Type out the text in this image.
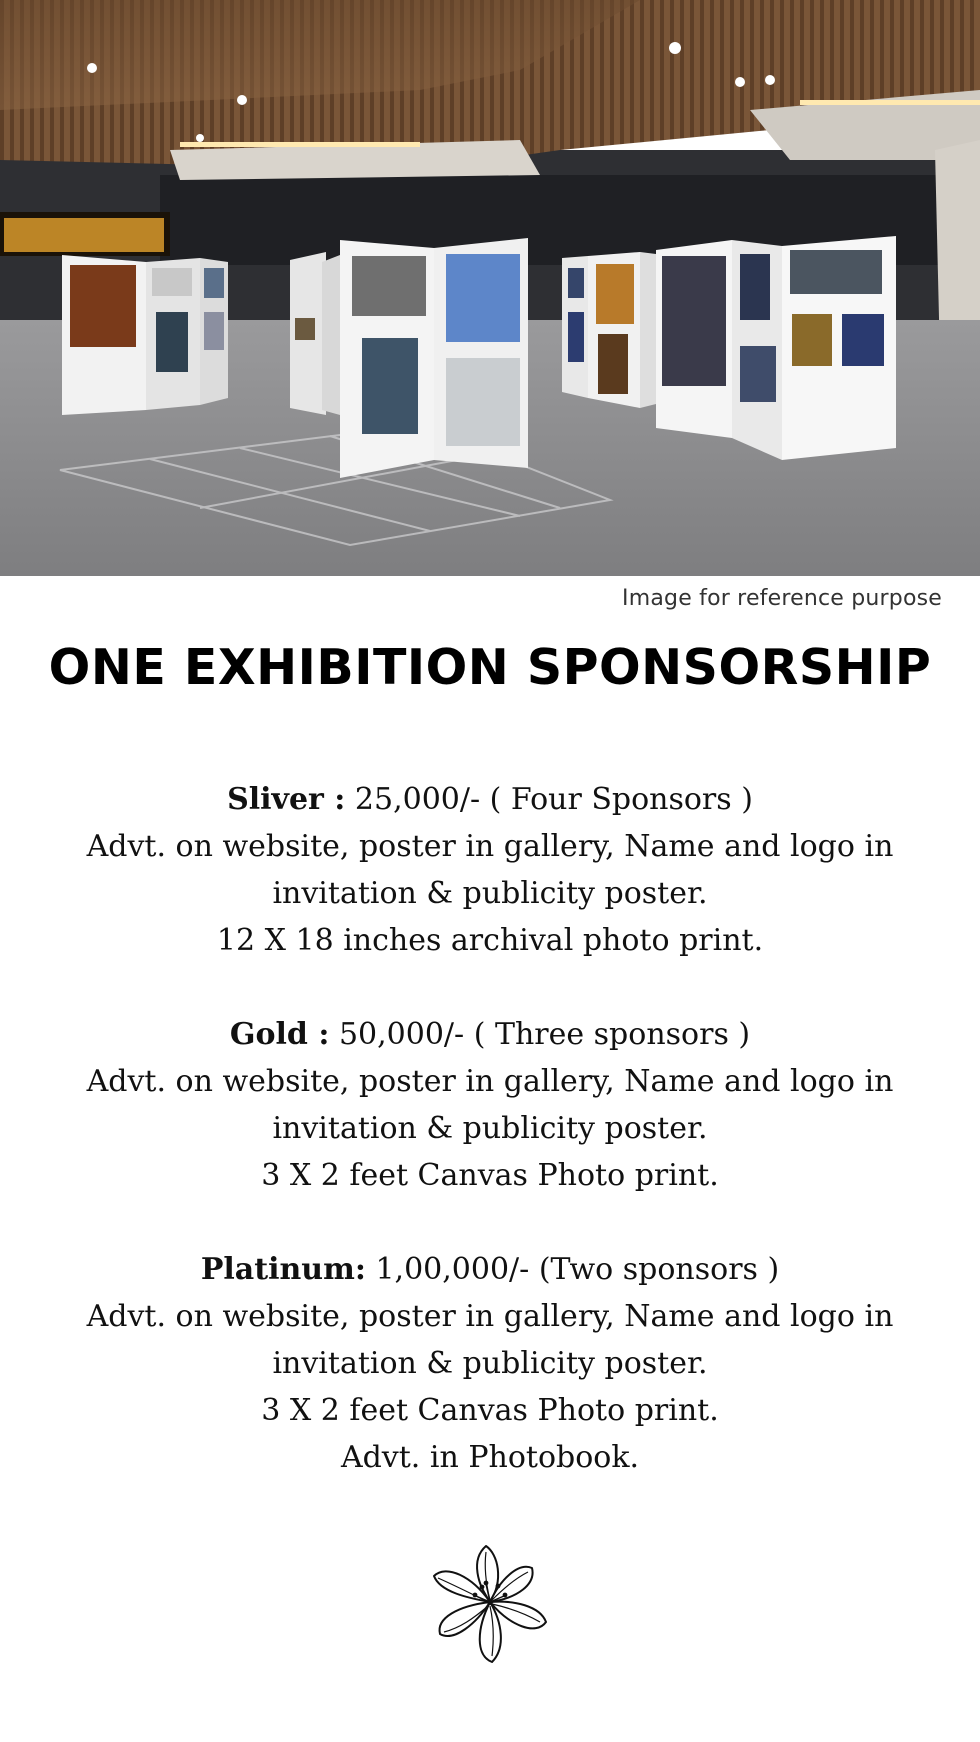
Image for reference purpose
ONE EXHIBITION SPONSORSHIP
Sliver : 25,000/- ( Four Sponsors )
Advt. on website, poster in gallery, Name and logo in
invitation & publicity poster.
12 X 18 inches archival photo print.
Gold : 50,000/- ( Three sponsors )
Advt. on website, poster in gallery, Name and logo in
invitation & publicity poster.
3 X 2 feet Canvas Photo print.
Platinum: 1,00,000/- (Two sponsors )
Advt. on website, poster in gallery, Name and logo in
invitation & publicity poster.
3 X 2 feet Canvas Photo print.
Advt. in Photobook.
